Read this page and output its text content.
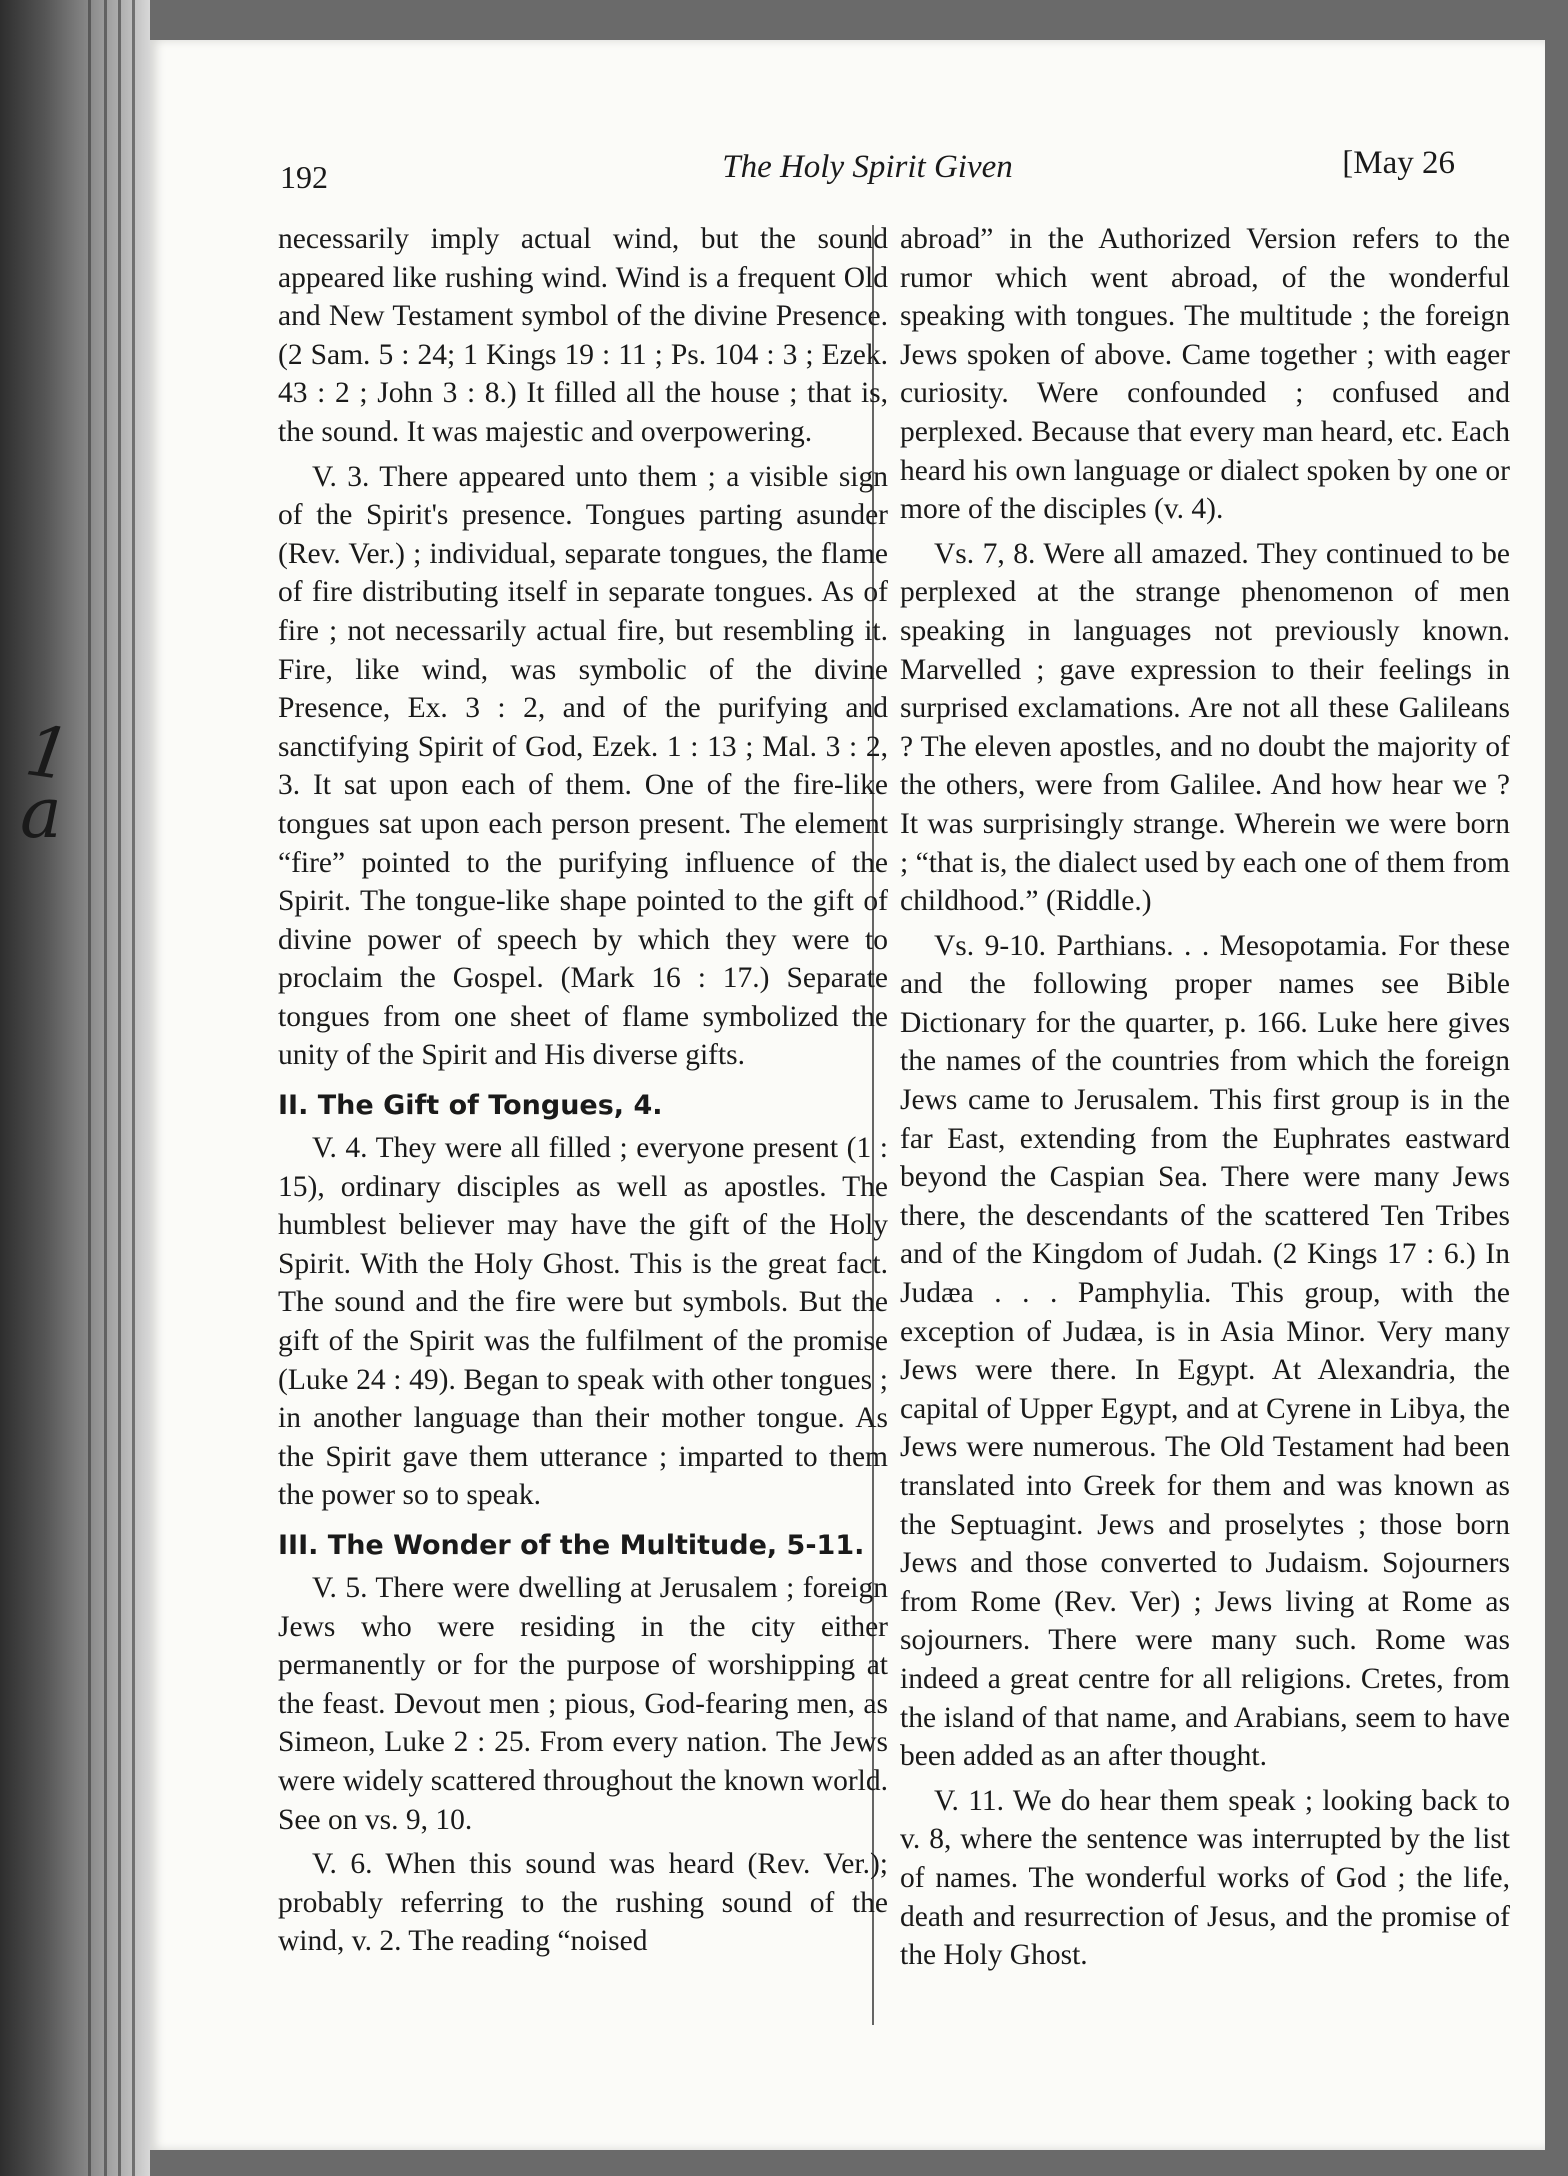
1
a
192	The Holy Spirit Given	[May 26

necessarily imply actual wind, but the sound appeared like rushing wind. Wind is a frequent Old and New Testament symbol of the divine Presence. (2 Sam. 5 : 24; 1 Kings 19 : 11 ; Ps. 104 : 3 ; Ezek. 43 : 2 ; John 3 : 8.) It filled all the house ; that is, the sound. It was majestic and overpowering.

V. 3. There appeared unto them ; a visible sign of the Spirit's presence. Tongues parting asunder (Rev. Ver.) ; individual, separate tongues, the flame of fire distributing itself in separate tongues. As of fire ; not necessarily actual fire, but resembling it. Fire, like wind, was symbolic of the divine Presence, Ex. 3 : 2, and of the purifying and sanctifying Spirit of God, Ezek. 1 : 13 ; Mal. 3 : 2, 3. It sat upon each of them. One of the fire-like tongues sat upon each person present. The element “fire” pointed to the purifying influence of the Spirit. The tongue-like shape pointed to the gift of divine power of speech by which they were to proclaim the Gospel. (Mark 16 : 17.) Separate tongues from one sheet of flame symbolized the unity of the Spirit and His diverse gifts.

II. The Gift of Tongues, 4.

V. 4. They were all filled ; everyone present (1 : 15), ordinary disciples as well as apostles. The humblest believer may have the gift of the Holy Spirit. With the Holy Ghost. This is the great fact. The sound and the fire were but symbols. But the gift of the Spirit was the fulfilment of the promise (Luke 24 : 49). Began to speak with other tongues ; in another language than their mother tongue. As the Spirit gave them utterance ; imparted to them the power so to speak.

III. The Wonder of the Multitude, 5-11.

V. 5. There were dwelling at Jerusalem ; foreign Jews who were residing in the city either permanently or for the purpose of worshipping at the feast. Devout men ; pious, God-fearing men, as Simeon, Luke 2 : 25. From every nation. The Jews were widely scattered throughout the known world. See on vs. 9, 10.

V. 6. When this sound was heard (Rev. Ver.); probably referring to the rushing sound of the wind, v. 2. The reading “noised

abroad” in the Authorized Version refers to the rumor which went abroad, of the wonderful speaking with tongues. The multitude ; the foreign Jews spoken of above. Came together ; with eager curiosity. Were confounded ; confused and perplexed. Because that every man heard, etc. Each heard his own language or dialect spoken by one or more of the disciples (v. 4).

Vs. 7, 8. Were all amazed. They continued to be perplexed at the strange phenomenon of men speaking in languages not previously known. Marvelled ; gave expression to their feelings in surprised exclamations. Are not all these Galileans ? The eleven apostles, and no doubt the majority of the others, were from Galilee. And how hear we ? It was surprisingly strange. Wherein we were born ; “that is, the dialect used by each one of them from childhood.” (Riddle.)

Vs. 9-10. Parthians. . . Mesopotamia. For these and the following proper names see Bible Dictionary for the quarter, p. 166. Luke here gives the names of the countries from which the foreign Jews came to Jerusalem. This first group is in the far East, extending from the Euphrates eastward beyond the Caspian Sea. There were many Jews there, the descendants of the scattered Ten Tribes and of the Kingdom of Judah. (2 Kings 17 : 6.) In Judæa . . . Pamphylia. This group, with the exception of Judæa, is in Asia Minor. Very many Jews were there. In Egypt. At Alexandria, the capital of Upper Egypt, and at Cyrene in Libya, the Jews were numerous. The Old Testament had been translated into Greek for them and was known as the Septuagint. Jews and proselytes ; those born Jews and those converted to Judaism. Sojourners from Rome (Rev. Ver) ; Jews living at Rome as sojourners. There were many such. Rome was indeed a great centre for all religions. Cretes, from the island of that name, and Arabians, seem to have been added as an after thought.

V. 11. We do hear them speak ; looking back to v. 8, where the sentence was interrupted by the list of names. The wonderful works of God ; the life, death and resurrection of Jesus, and the promise of the Holy Ghost.
